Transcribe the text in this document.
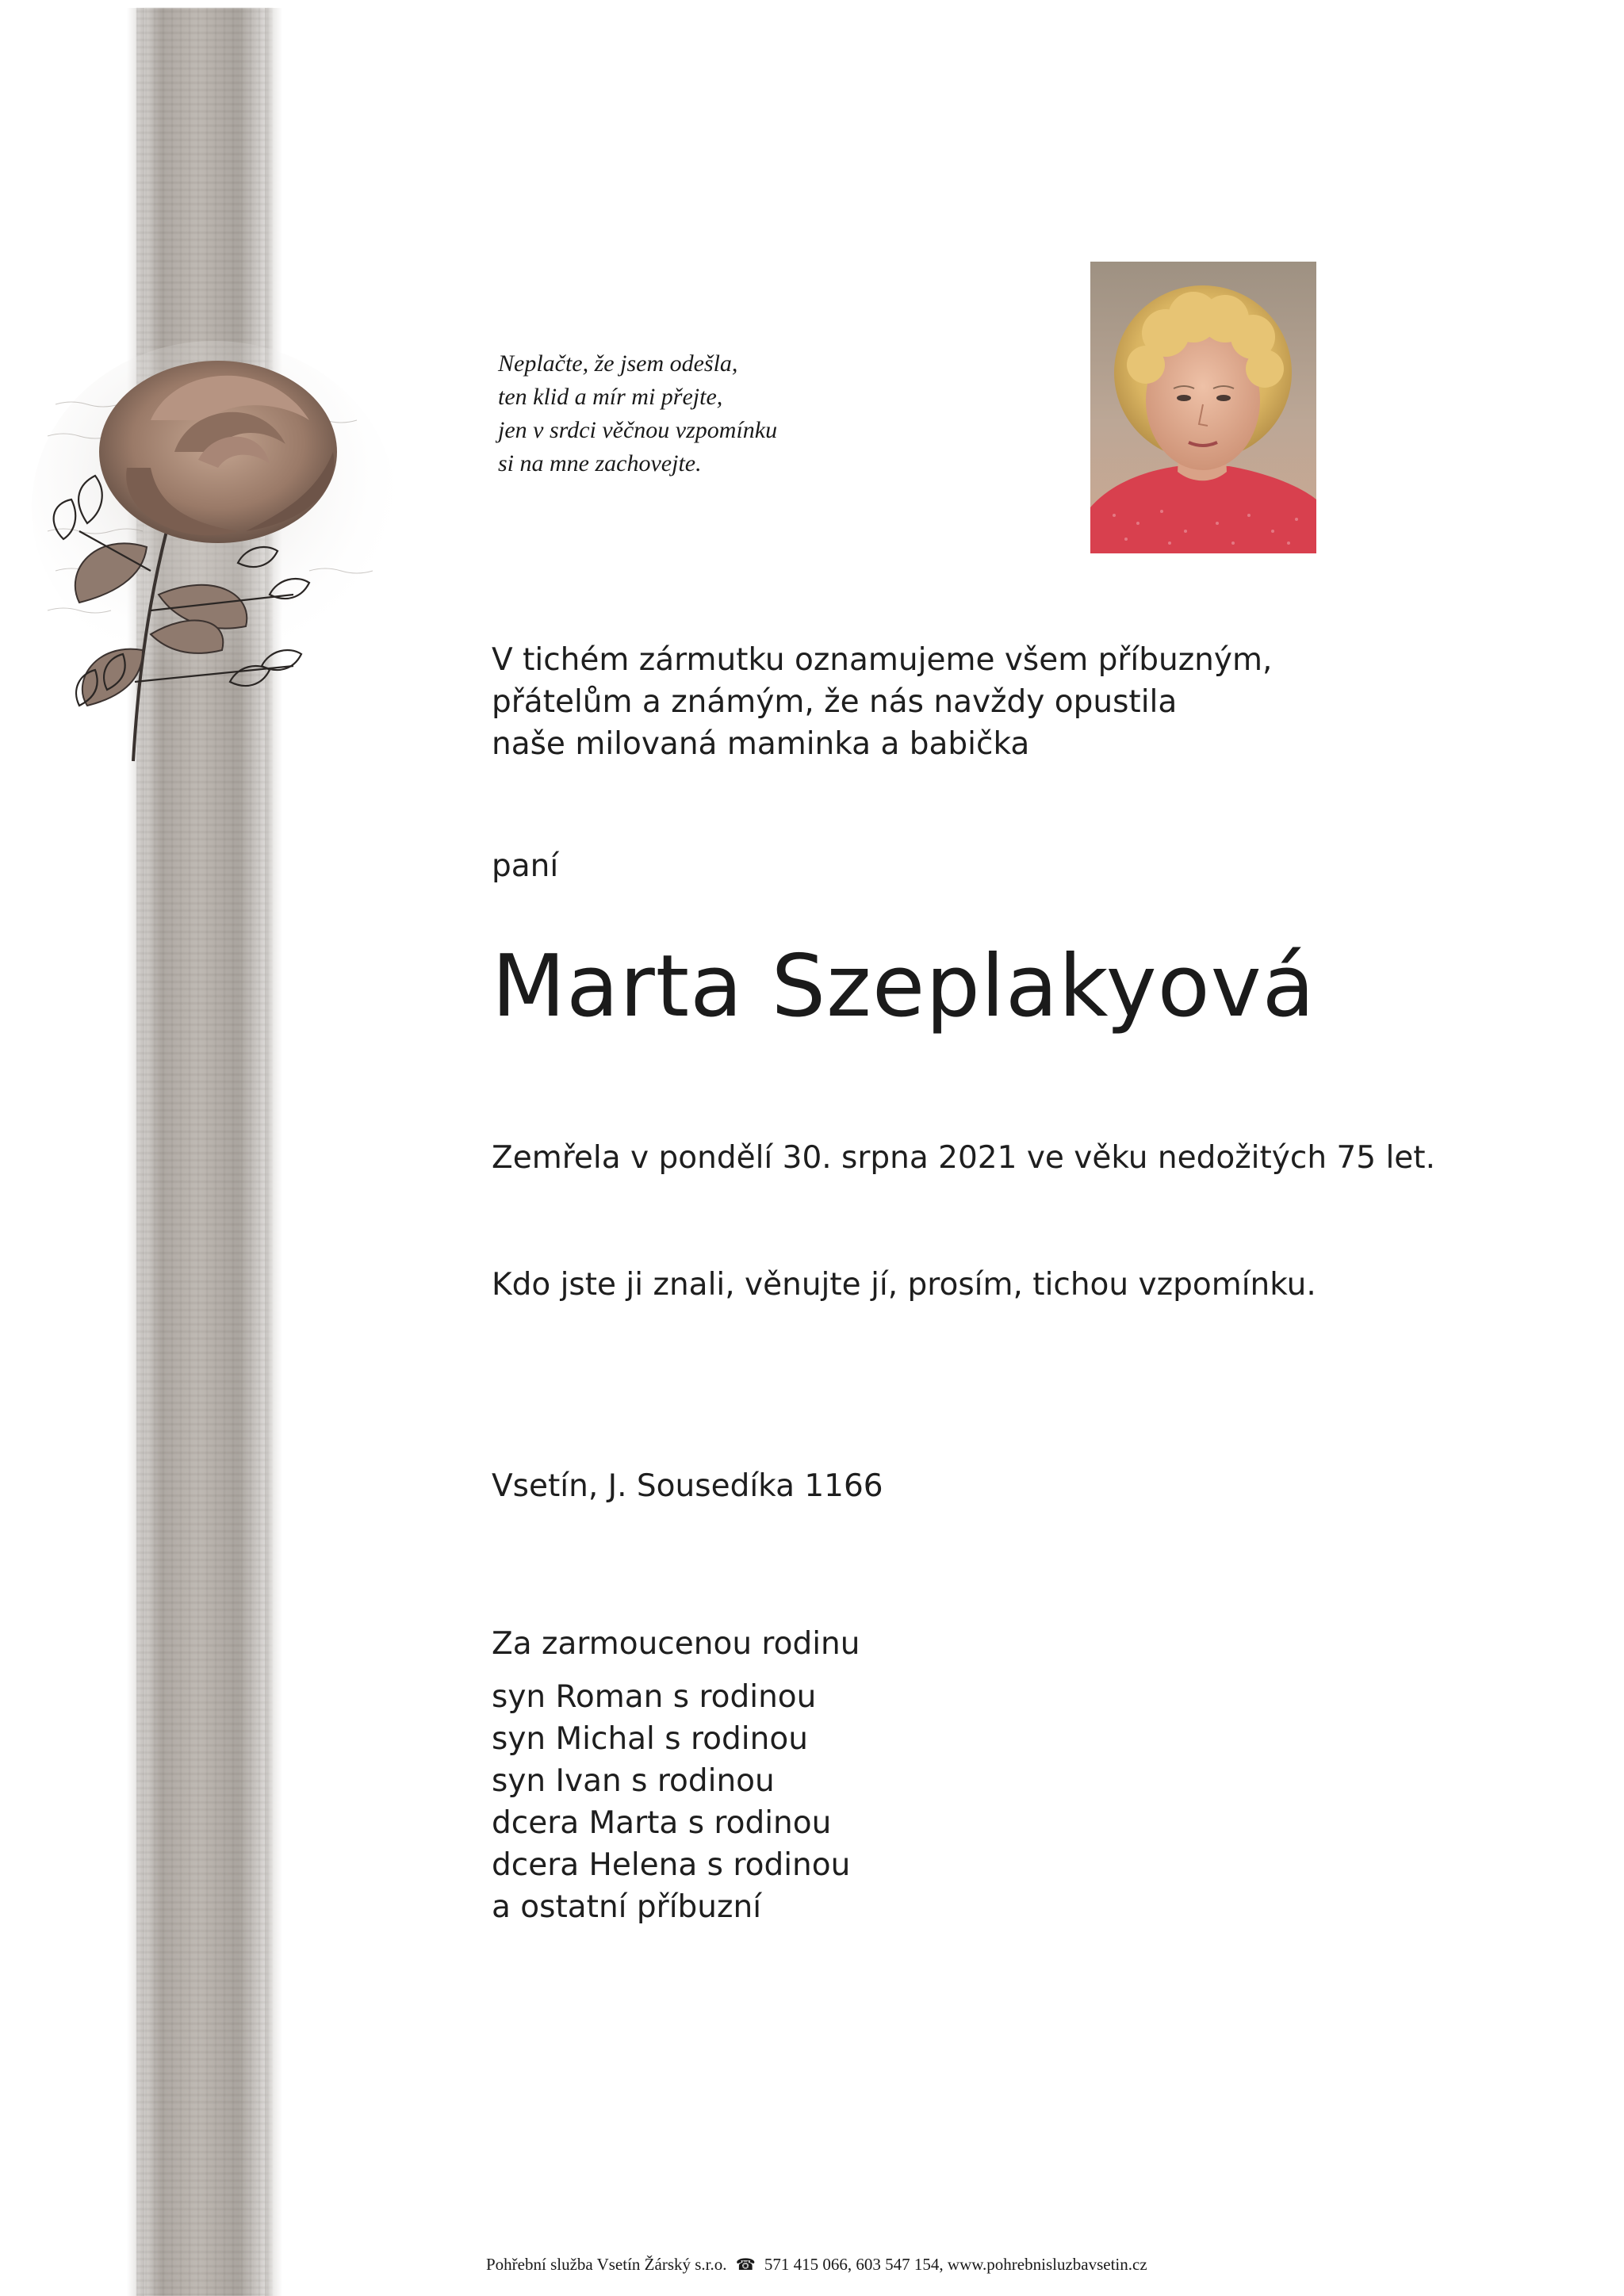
Neplačte, že jsem odešla,
ten klid a mír mi přejte,
jen v srdci věčnou vzpomínku
si na mne zachovejte.
V tichém zármutku oznamujeme všem příbuzným,
přátelům a známým, že nás navždy opustila
naše milovaná maminka a babička
paní
Marta Szeplakyová
Zemřela v pondělí 30. srpna 2021 ve věku nedožitých 75 let.
Kdo jste ji znali, věnujte jí, prosím, tichou vzpomínku.
Vsetín, J. Sousedíka 1166
Za zarmoucenou rodinu
syn Roman s rodinou
syn Michal s rodinou
syn Ivan s rodinou
dcera Marta s rodinou
dcera Helena s rodinou
a ostatní příbuzní
Pohřební služba Vsetín Žárský s.r.o. ☎ 571 415 066, 603 547 154, www.pohrebnisluzbavsetin.cz
